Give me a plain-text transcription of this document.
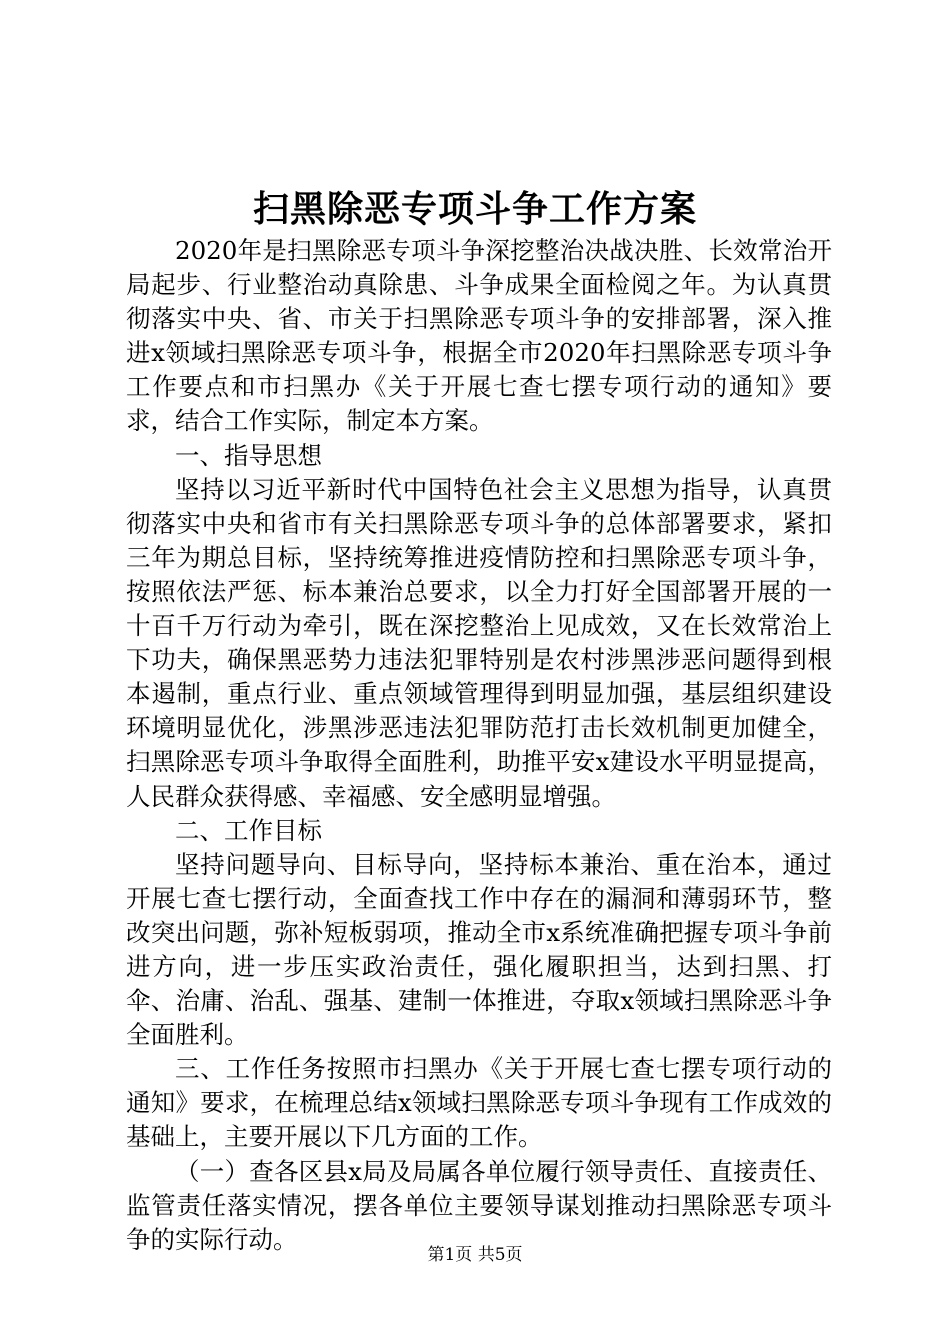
扫黑除恶专项斗争工作方案

2020年是扫黑除恶专项斗争深挖整治决战决胜、长效常治开局起步、行业整治动真除患、斗争成果全面检阅之年。为认真贯彻落实中央、省、市关于扫黑除恶专项斗争的安排部署，深入推进x领域扫黑除恶专项斗争，根据全市2020年扫黑除恶专项斗争工作要点和市扫黑办《关于开展七查七摆专项行动的通知》要求，结合工作实际，制定本方案。

一、指导思想

坚持以习近平新时代中国特色社会主义思想为指导，认真贯彻落实中央和省市有关扫黑除恶专项斗争的总体部署要求，紧扣三年为期总目标，坚持统筹推进疫情防控和扫黑除恶专项斗争，按照依法严惩、标本兼治总要求，以全力打好全国部署开展的一十百千万行动为牵引，既在深挖整治上见成效，又在长效常治上下功夫，确保黑恶势力违法犯罪特别是农村涉黑涉恶问题得到根本遏制，重点行业、重点领域管理得到明显加强，基层组织建设环境明显优化，涉黑涉恶违法犯罪防范打击长效机制更加健全，扫黑除恶专项斗争取得全面胜利，助推平安x建设水平明显提高，人民群众获得感、幸福感、安全感明显增强。

二、工作目标

坚持问题导向、目标导向，坚持标本兼治、重在治本，通过开展七查七摆行动，全面查找工作中存在的漏洞和薄弱环节，整改突出问题，弥补短板弱项，推动全市x系统准确把握专项斗争前进方向，进一步压实政治责任，强化履职担当，达到扫黑、打伞、治庸、治乱、强基、建制一体推进，夺取x领域扫黑除恶斗争全面胜利。

三、工作任务按照市扫黑办《关于开展七查七摆专项行动的通知》要求，在梳理总结x领域扫黑除恶专项斗争现有工作成效的基础上，主要开展以下几方面的工作。

（一）查各区县x局及局属各单位履行领导责任、直接责任、监管责任落实情况，摆各单位主要领导谋划推动扫黑除恶专项斗争的实际行动。

第1页 共5页
